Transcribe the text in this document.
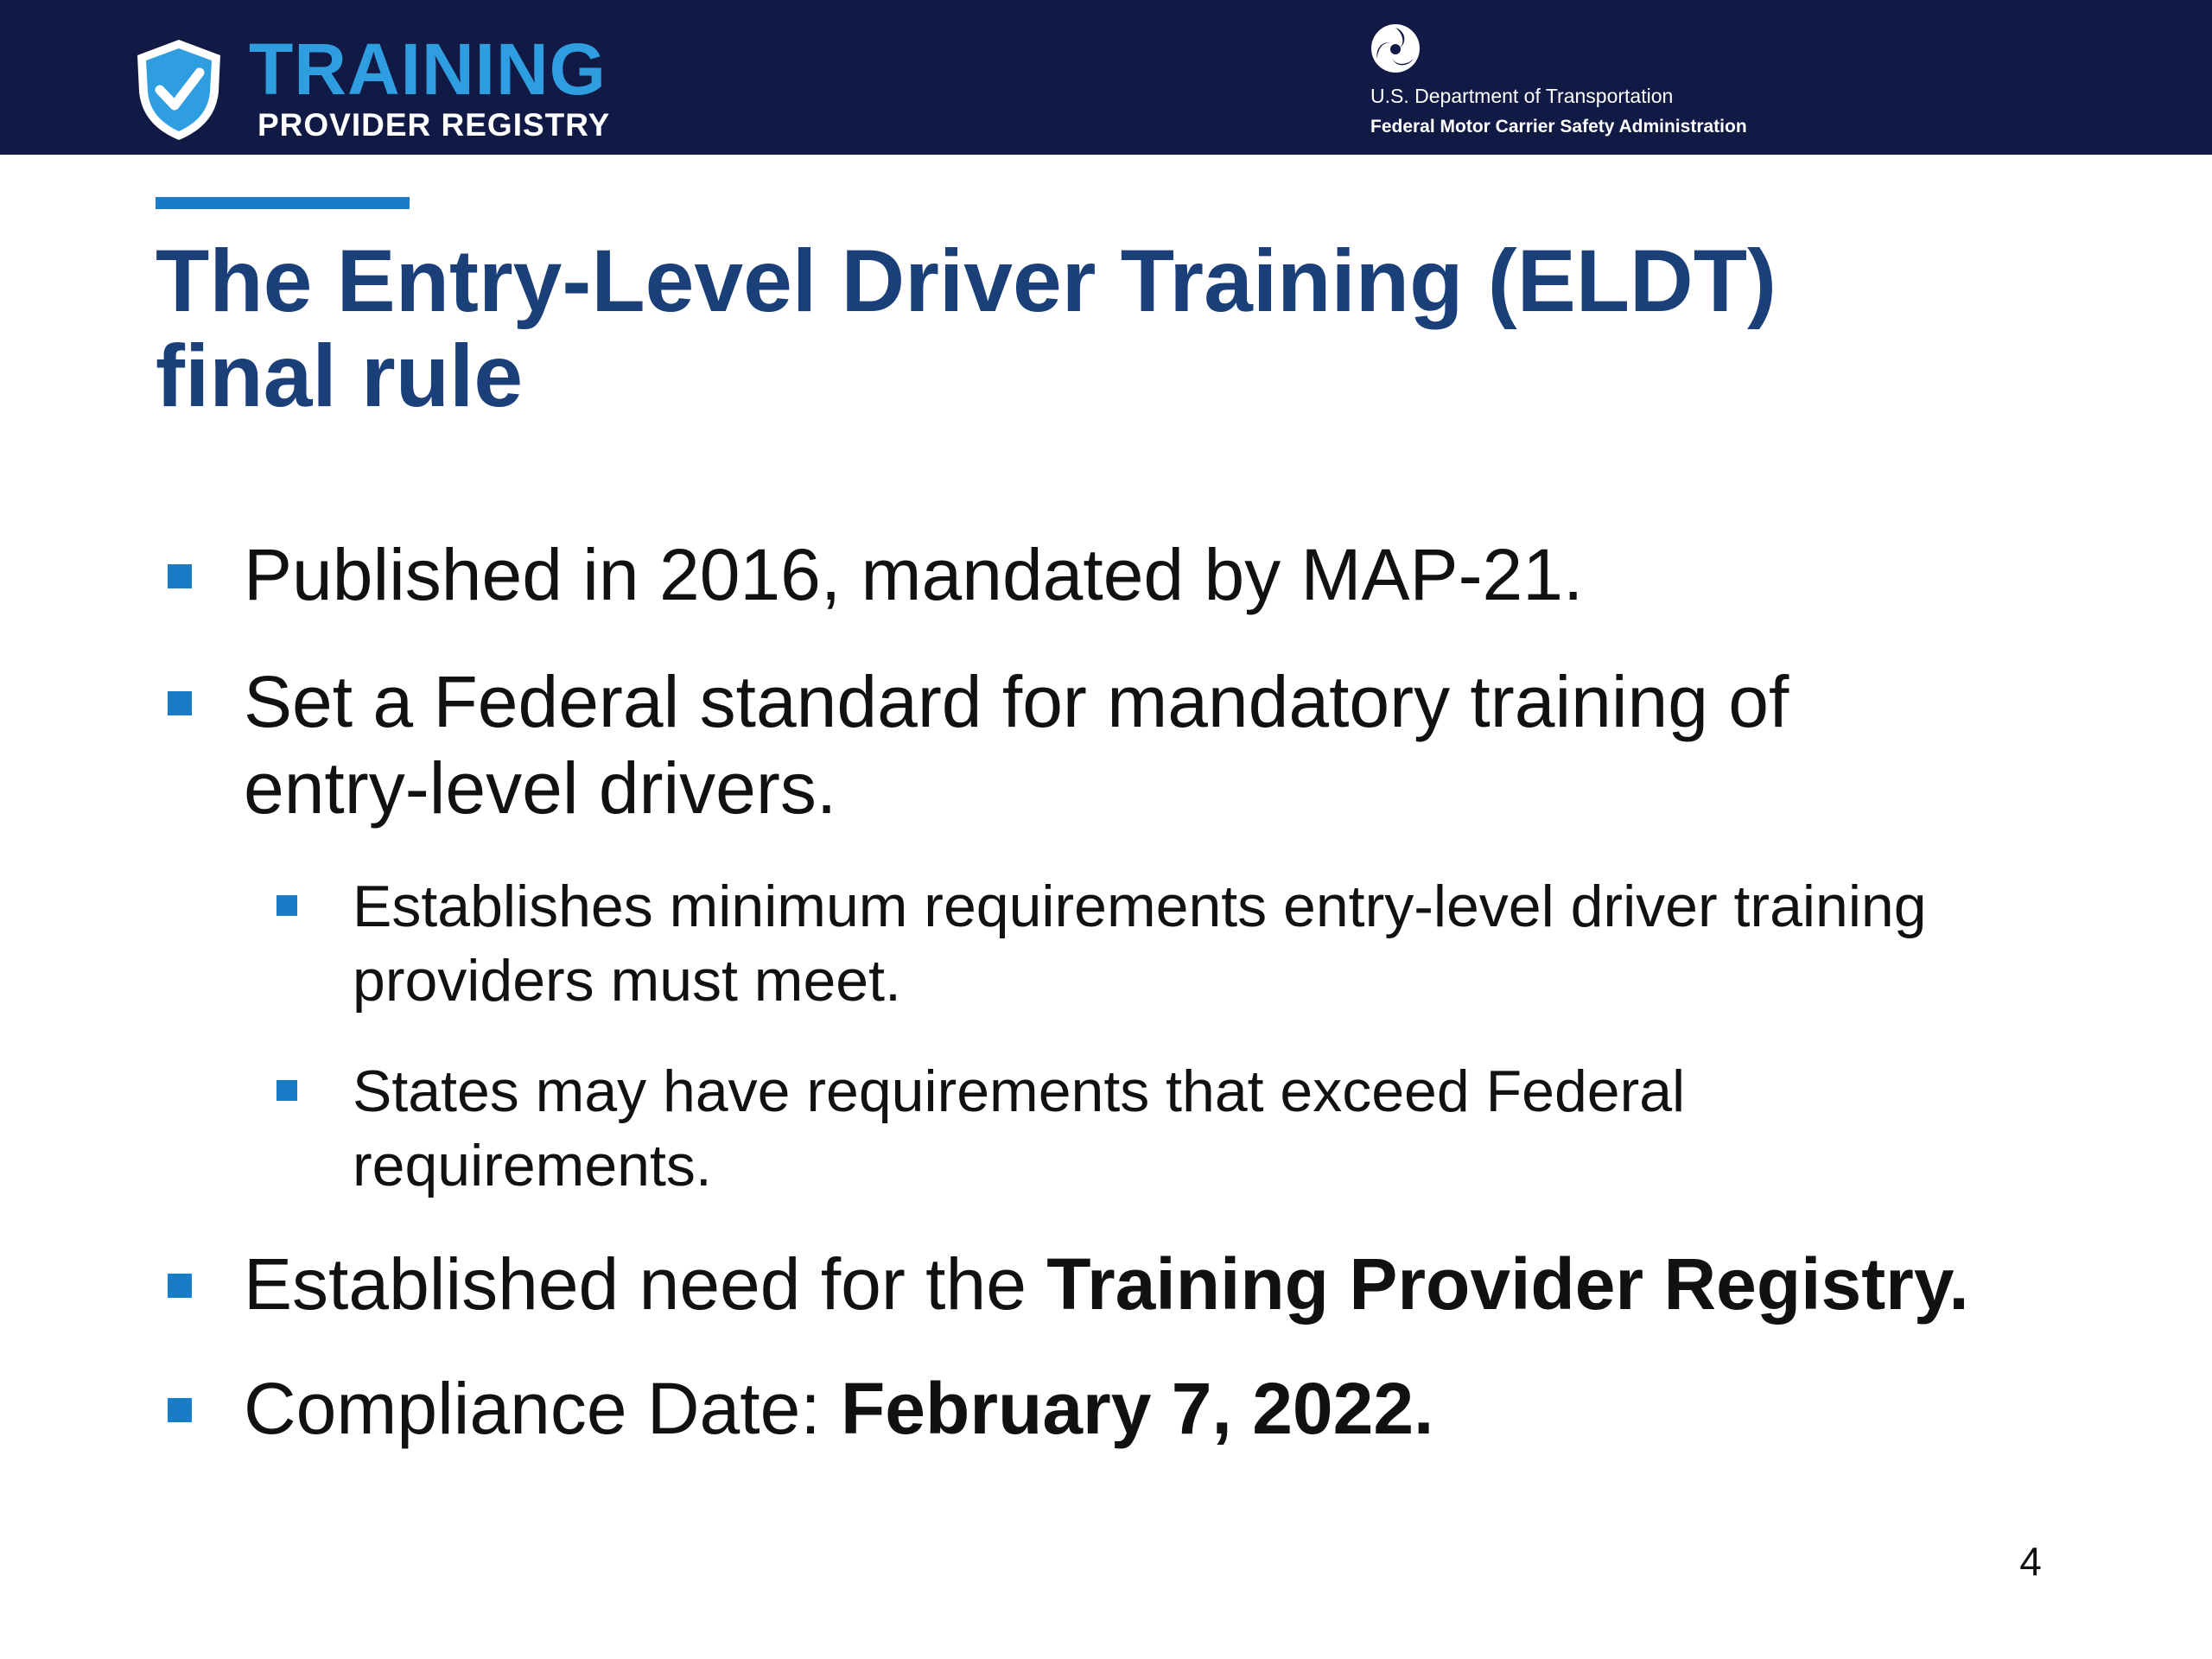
TRAINING
PROVIDER REGISTRY
U.S. Department of Transportation
Federal Motor Carrier Safety Administration
The Entry-Level Driver Training (ELDT)
final rule
Published in 2016, mandated by MAP-21.
Set a Federal standard for mandatory training of
entry-level drivers.
Establishes minimum requirements entry-level driver training
providers must meet.
States may have requirements that exceed Federal
requirements.
Established need for the Training Provider Registry.
Compliance Date: February 7, 2022.
4
